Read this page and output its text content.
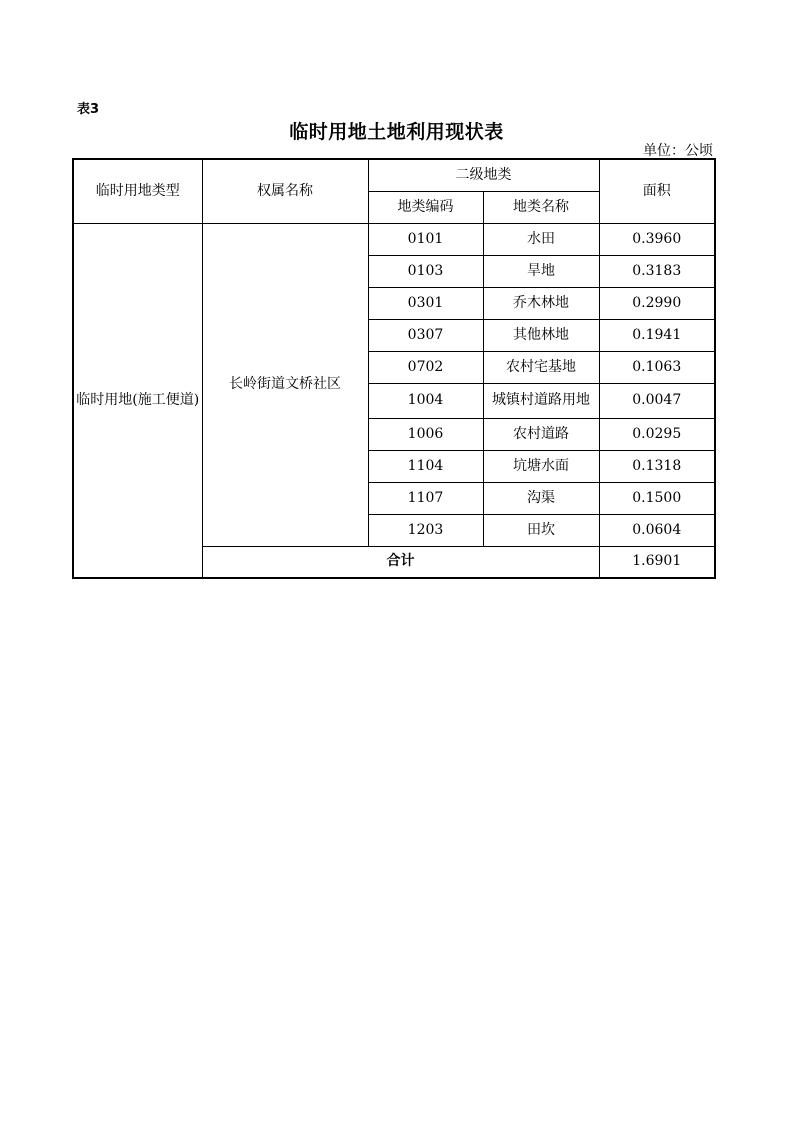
表3
临时用地土地利用现状表
单位：公顷
临时用地类型	权属名称	二级地类		面积
		地类编码	地类名称	
临时用地(施工便道)	长岭街道文桥社区	0101	水田	0.3960
		0103	旱地	0.3183
		0301	乔木林地	0.2990
		0307	其他林地	0.1941
		0702	农村宅基地	0.1063
		1004	城镇村道路用地	0.0047
		1006	农村道路	0.0295
		1104	坑塘水面	0.1318
		1107	沟渠	0.1500
		1203	田坎	0.0604
	合计			1.6901
